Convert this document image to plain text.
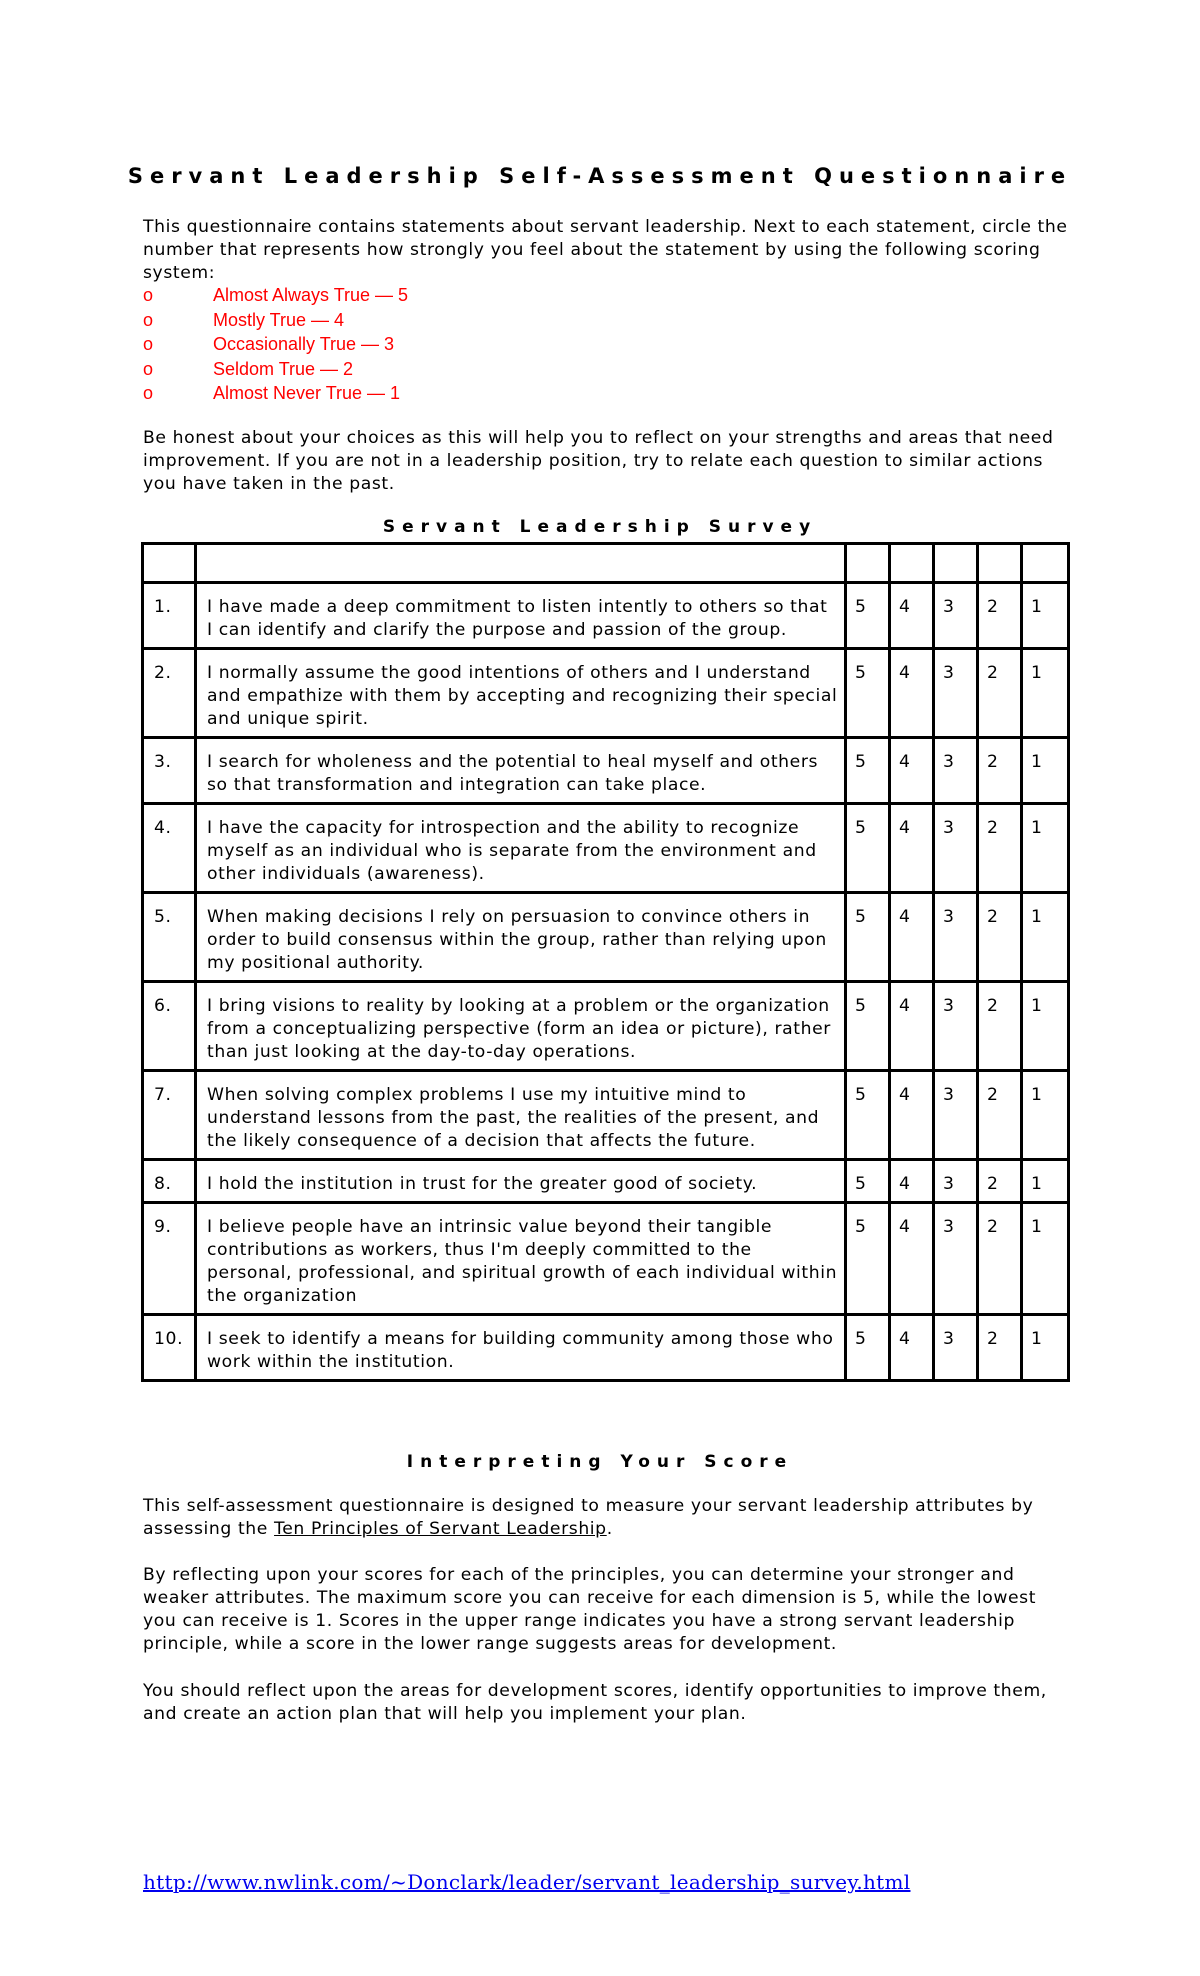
Servant Leadership Self-Assessment Questionnaire

This questionnaire contains statements about servant leadership. Next to each statement, circle the number that represents how strongly you feel about the statement by using the following scoring system:

o	Almost Always True — 5
o	Mostly True — 4
o	Occasionally True — 3
o	Seldom True — 2
o	Almost Never True — 1

Be honest about your choices as this will help you to reflect on your strengths and areas that need improvement. If you are not in a leadership position, try to relate each question to similar actions you have taken in the past.

Servant Leadership Survey

1.	I have made a deep commitment to listen intently to others so that I can identify and clarify the purpose and passion of the group.	5	4	3	2	1
2.	I normally assume the good intentions of others and I understand and empathize with them by accepting and recognizing their special and unique spirit.	5	4	3	2	1
3.	I search for wholeness and the potential to heal myself and others so that transformation and integration can take place.	5	4	3	2	1
4.	I have the capacity for introspection and the ability to recognize myself as an individual who is separate from the environment and other individuals (awareness).	5	4	3	2	1
5.	When making decisions I rely on persuasion to convince others in order to build consensus within the group, rather than relying upon my positional authority.	5	4	3	2	1
6.	I bring visions to reality by looking at a problem or the organization from a conceptualizing perspective (form an idea or picture), rather than just looking at the day-to-day operations.	5	4	3	2	1
7.	When solving complex problems I use my intuitive mind to understand lessons from the past, the realities of the present, and the likely consequence of a decision that affects the future.	5	4	3	2	1
8.	I hold the institution in trust for the greater good of society.	5	4	3	2	1
9.	I believe people have an intrinsic value beyond their tangible contributions as workers, thus I'm deeply committed to the personal, professional, and spiritual growth of each individual within the organization	5	4	3	2	1
10.	I seek to identify a means for building community among those who work within the institution.	5	4	3	2	1
Interpreting Your Score

This self-assessment questionnaire is designed to measure your servant leadership attributes by assessing the Ten Principles of Servant Leadership.

By reflecting upon your scores for each of the principles, you can determine your stronger and weaker attributes. The maximum score you can receive for each dimension is 5, while the lowest you can receive is 1. Scores in the upper range indicates you have a strong servant leadership principle, while a score in the lower range suggests areas for development.

You should reflect upon the areas for development scores, identify opportunities to improve them, and create an action plan that will help you implement your plan.

http://www.nwlink.com/~Donclark/leader/servant_leadership_survey.html
